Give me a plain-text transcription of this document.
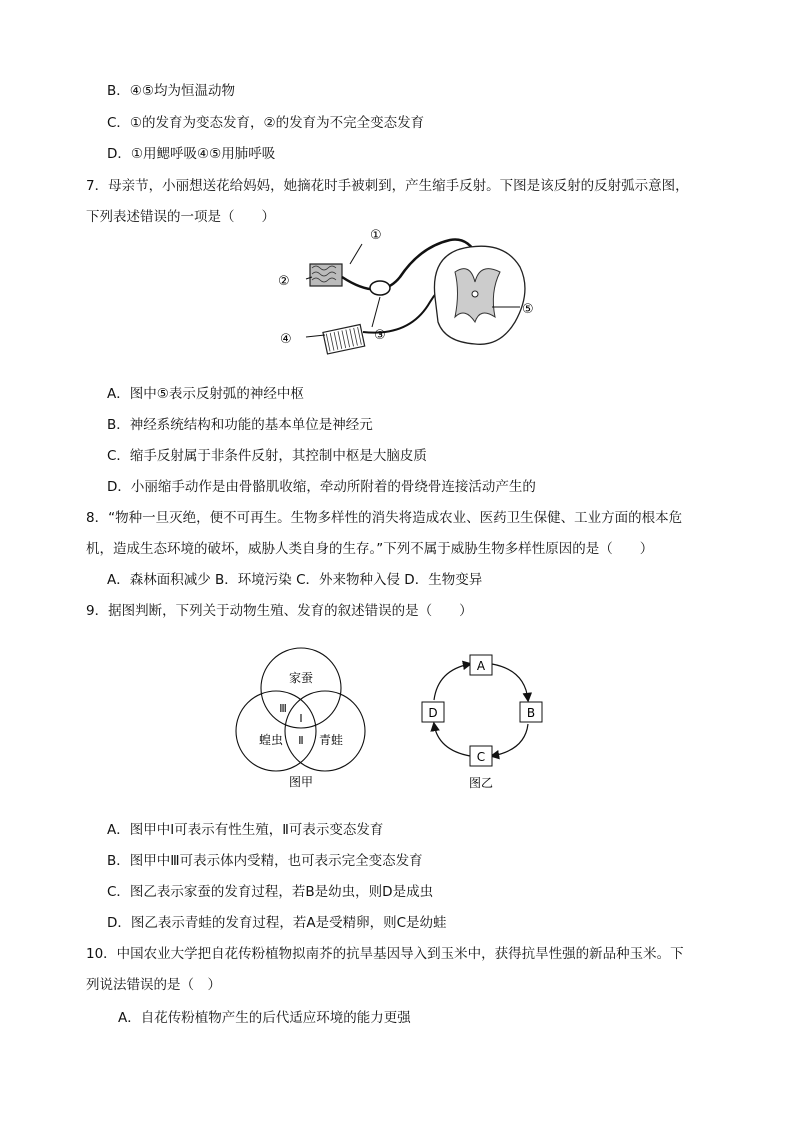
B．④⑤均为恒温动物
C．①的发育为变态发育，②的发育为不完全变态发育
D．①用鳃呼吸④⑤用肺呼吸
7．母亲节，小丽想送花给妈妈，她摘花时手被刺到，产生缩手反射。下图是该反射的反射弧示意图，
下列表述错误的一项是（　　）
①
②
③
④
⑤
A．图中⑤表示反射弧的神经中枢
B．神经系统结构和功能的基本单位是神经元
C．缩手反射属于非条件反射，其控制中枢是大脑皮质
D．小丽缩手动作是由骨骼肌收缩，牵动所附着的骨绕骨连接活动产生的
8．“物种一旦灭绝，便不可再生。生物多样性的消失将造成农业、医药卫生保健、工业方面的根本危
机，造成生态环境的破坏，威胁人类自身的生存。”下列不属于威胁生物多样性原因的是（　　）
A．森林面积减少 B．环境污染 C．外来物种入侵 D．生物变异
9．据图判断，下列关于动物生殖、发育的叙述错误的是（　　）
家蚕
蝗虫	青蛙
Ⅰ
Ⅱ
Ⅲ
图甲
A
B
C
D
图乙
A．图甲中Ⅰ可表示有性生殖，Ⅱ可表示变态发育
B．图甲中Ⅲ可表示体内受精，也可表示完全变态发育
C．图乙表示家蚕的发育过程，若B是幼虫，则D是成虫
D．图乙表示青蛙的发育过程，若A是受精卵，则C是幼蛙
10．中国农业大学把自花传粉植物拟南芥的抗旱基因导入到玉米中，获得抗旱性强的新品种玉米。下
列说法错误的是（　）
A．自花传粉植物产生的后代适应环境的能力更强
